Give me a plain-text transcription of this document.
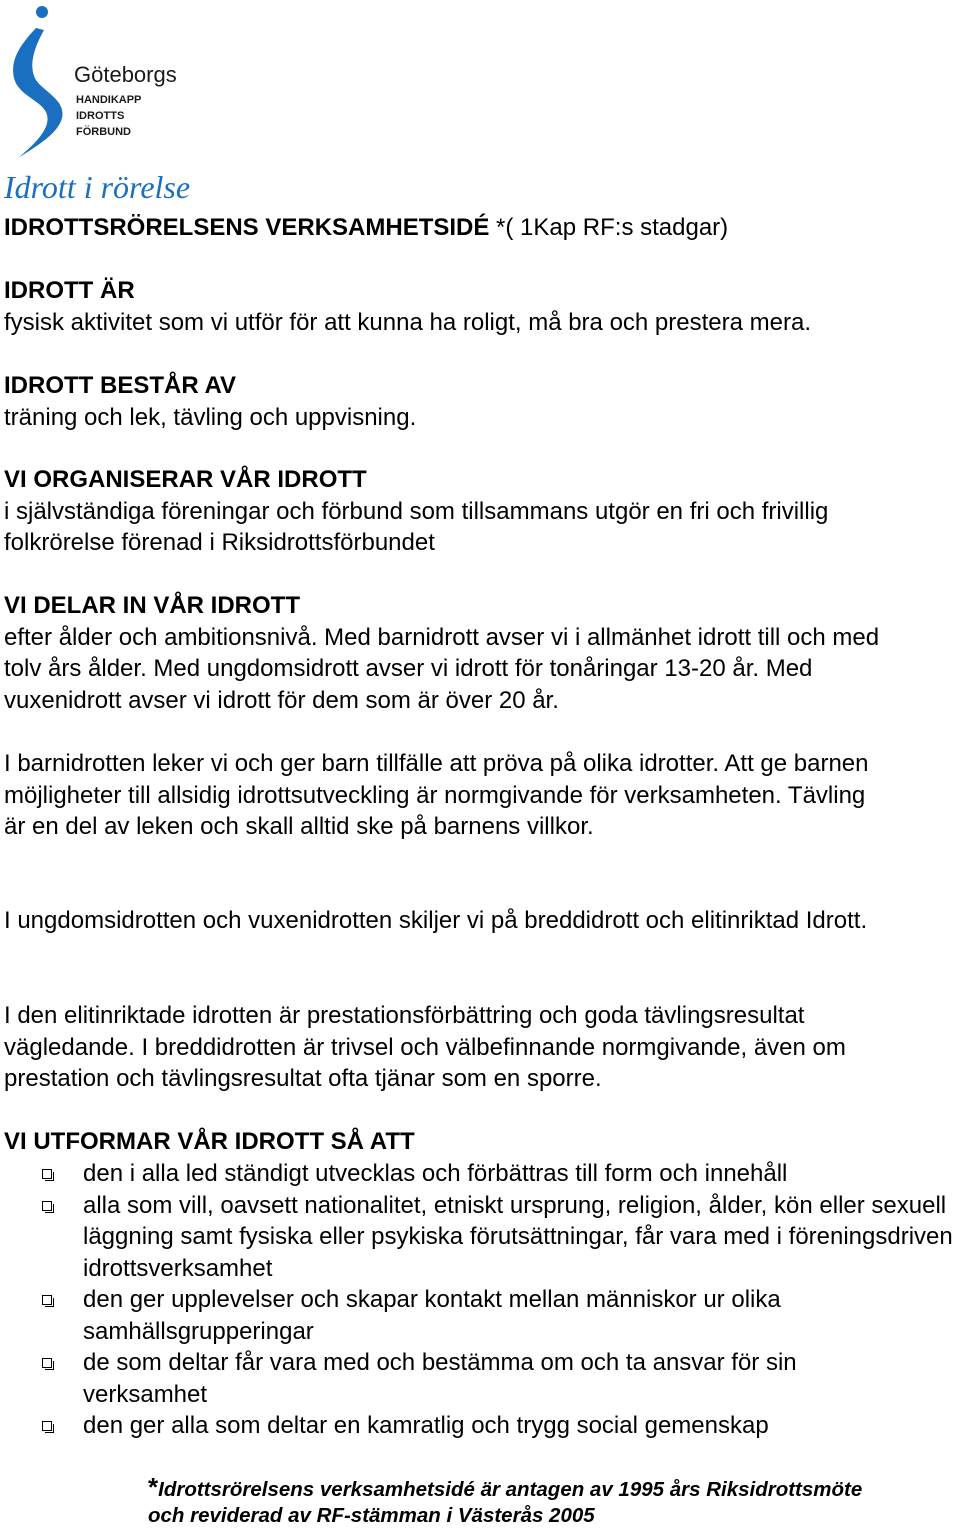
Göteborgs
HANDIKAPP
IDROTTS
FÖRBUND
Idrott i rörelse
IDROTTSRÖRELSENS VERKSAMHETSIDÉ *( 1Kap RF:s stadgar)
IDROTT ÄR
fysisk aktivitet som vi utför för att kunna ha roligt, må bra och prestera mera.
IDROTT BESTÅR AV
träning och lek, tävling och uppvisning.
VI ORGANISERAR VÅR IDROTT
i självständiga föreningar och förbund som tillsammans utgör en fri och frivillig folkrörelse förenad i Riksidrottsförbundet
VI DELAR IN VÅR IDROTT
efter ålder och ambitionsnivå. Med barnidrott avser vi i allmänhet idrott till och med tolv års ålder. Med ungdomsidrott avser vi idrott för tonåringar 13-20 år. Med vuxenidrott avser vi idrott för dem som är över 20 år.
I barnidrotten leker vi och ger barn tillfälle att pröva på olika idrotter. Att ge barnen möjligheter till allsidig idrottsutveckling är normgivande för verksamheten. Tävling är en del av leken och skall alltid ske på barnens villkor.
I ungdomsidrotten och vuxenidrotten skiljer vi på breddidrott och elitinriktad Idrott.
I den elitinriktade idrotten är prestationsförbättring och goda tävlingsresultat vägledande. I breddidrotten är trivsel och välbefinnande normgivande, även om prestation och tävlingsresultat ofta tjänar som en sporre.
VI UTFORMAR VÅR IDROTT SÅ ATT
den i alla led ständigt utvecklas och förbättras till form och innehåll
alla som vill, oavsett nationalitet, etniskt ursprung, religion, ålder, kön eller sexuell läggning samt fysiska eller psykiska förutsättningar, får vara med i föreningsdriven idrottsverksamhet
den ger upplevelser och skapar kontakt mellan människor ur olika samhällsgrupperingar
de som deltar får vara med och bestämma om och ta ansvar för sin verksamhet
den ger alla som deltar en kamratlig och trygg social gemenskap
*Idrottsrörelsens verksamhetsidé är antagen av 1995 års Riksidrottsmöte
och reviderad av RF-stämman i Västerås 2005
